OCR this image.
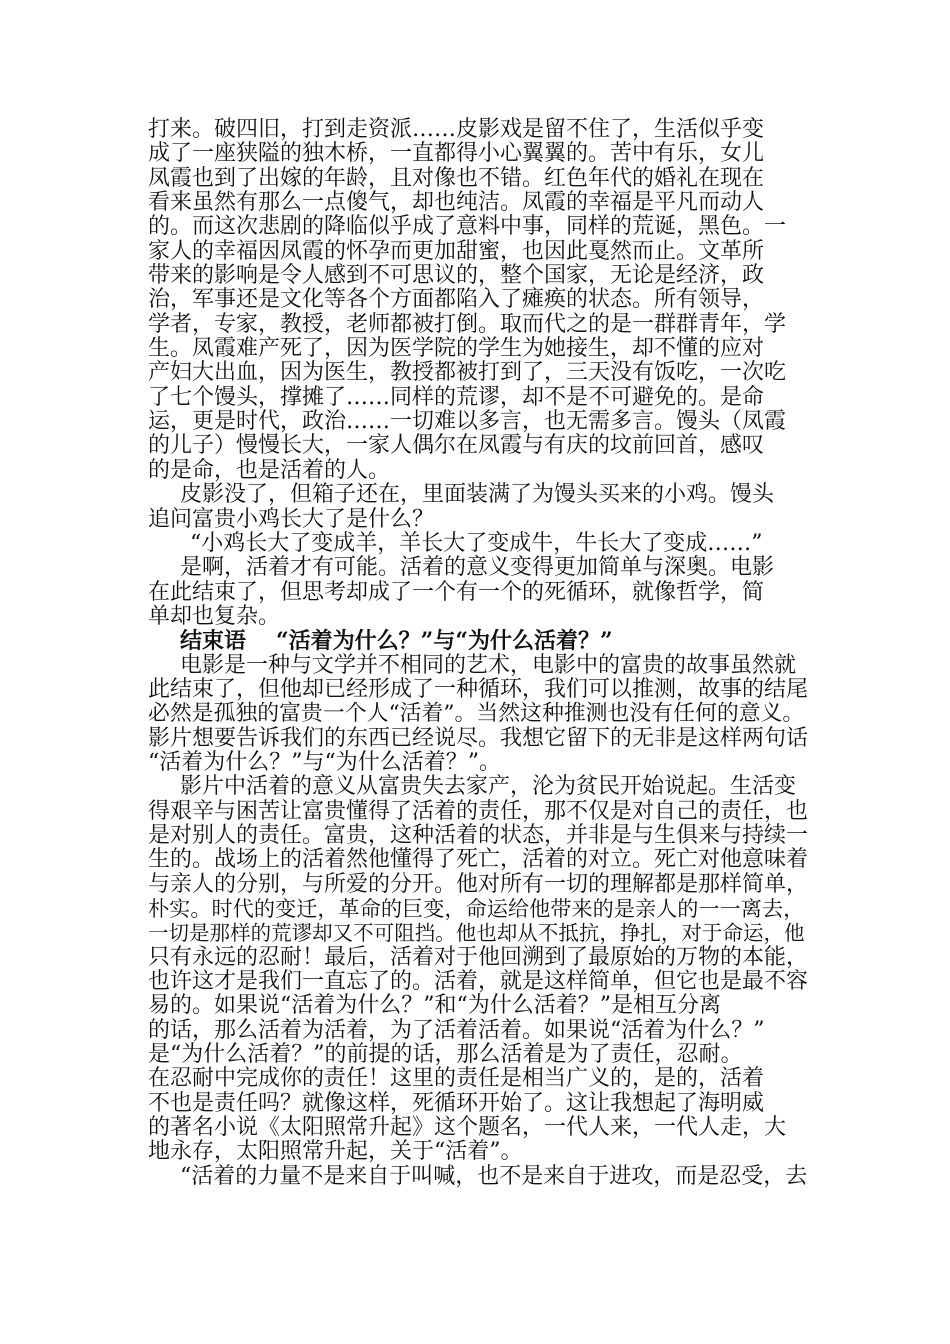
打来。破四旧，打到走资派……皮影戏是留不住了，生活似乎变
成了一座狭隘的独木桥，一直都得小心翼翼的。苦中有乐，女儿
凤霞也到了出嫁的年龄，且对像也不错。红色年代的婚礼在现在
看来虽然有那么一点傻气，却也纯洁。凤霞的幸福是平凡而动人
的。而这次悲剧的降临似乎成了意料中事，同样的荒诞，黑色。一
家人的幸福因凤霞的怀孕而更加甜蜜，也因此戛然而止。文革所
带来的影响是令人感到不可思议的，整个国家，无论是经济，政
治，军事还是文化等各个方面都陷入了瘫痪的状态。所有领导，
学者，专家，教授，老师都被打倒。取而代之的是一群群青年，学
生。凤霞难产死了，因为医学院的学生为她接生，却不懂的应对
产妇大出血，因为医生，教授都被打到了，三天没有饭吃，一次吃
了七个馒头，撑摊了……同样的荒谬，却不是不可避免的。是命
运，更是时代，政治……一切难以多言，也无需多言。馒头（凤霞
的儿子）慢慢长大，一家人偶尔在凤霞与有庆的坟前回首，感叹
的是命，也是活着的人。
皮影没了，但箱子还在，里面装满了为馒头买来的小鸡。馒头
追问富贵小鸡长大了是什么？
“小鸡长大了变成羊，羊长大了变成牛，牛长大了变成……”
是啊，活着才有可能。活着的意义变得更加简单与深奥。电影
在此结束了，但思考却成了一个有一个的死循环，就像哲学，简
单却也复杂。
结束语 “活着为什么？”与“为什么活着？”
电影是一种与文学并不相同的艺术，电影中的富贵的故事虽然就
此结束了，但他却已经形成了一种循环，我们可以推测，故事的结尾
必然是孤独的富贵一个人“活着”。当然这种推测也没有任何的意义。
影片想要告诉我们的东西已经说尽。我想它留下的无非是这样两句话
“活着为什么？”与“为什么活着？”。
影片中活着的意义从富贵失去家产，沦为贫民开始说起。生活变
得艰辛与困苦让富贵懂得了活着的责任，那不仅是对自己的责任，也
是对别人的责任。富贵，这种活着的状态，并非是与生俱来与持续一
生的。战场上的活着然他懂得了死亡，活着的对立。死亡对他意味着
与亲人的分别，与所爱的分开。他对所有一切的理解都是那样简单，
朴实。时代的变迁，革命的巨变，命运给他带来的是亲人的一一离去，
一切是那样的荒谬却又不可阻挡。他也却从不抵抗，挣扎，对于命运，他
只有永远的忍耐！最后，活着对于他回溯到了最原始的万物的本能，
也许这才是我们一直忘了的。活着，就是这样简单，但它也是最不容
易的。如果说“活着为什么？”和“为什么活着？”是相互分离
的话，那么活着为活着，为了活着活着。如果说“活着为什么？”
是“为什么活着？”的前提的话，那么活着是为了责任，忍耐。
在忍耐中完成你的责任！这里的责任是相当广义的，是的，活着
不也是责任吗？就像这样，死循环开始了。这让我想起了海明威
的著名小说《太阳照常升起》这个题名，一代人来，一代人走，大
地永存，太阳照常升起，关于“活着”。
“活着的力量不是来自于叫喊，也不是来自于进攻，而是忍受，去
